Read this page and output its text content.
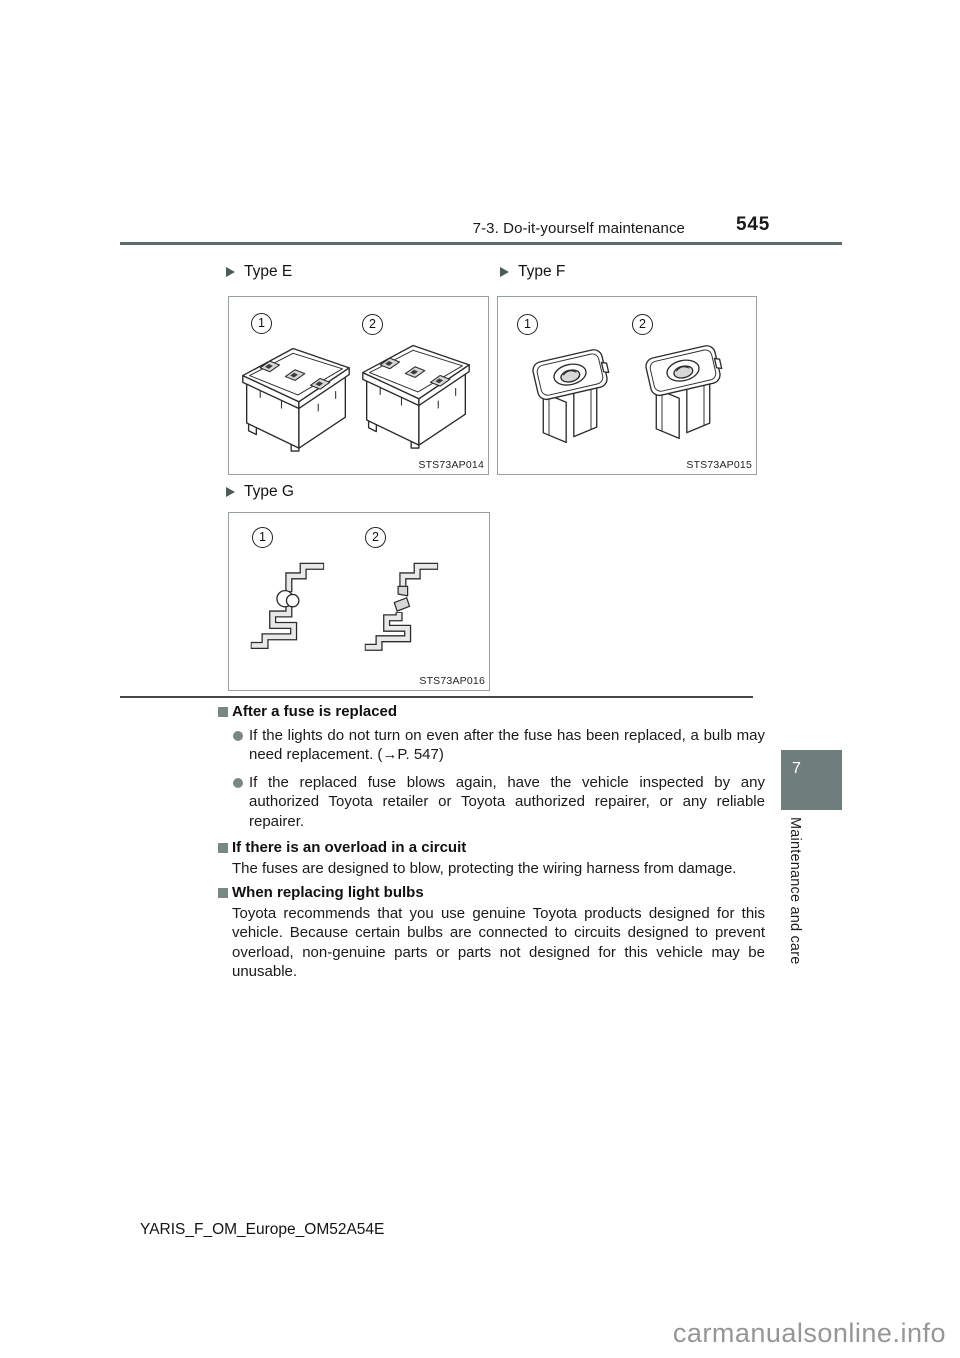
7-3. Do-it-yourself maintenance	545
Type E
1	2
STS73AP014
Type F
1	2
STS73AP015
Type G
1	2
STS73AP016
After a fuse is replaced
If the lights do not turn on even after the fuse has been replaced, a bulb may need replacement. (→P. 547)
If the replaced fuse blows again, have the vehicle inspected by any authorized Toyota retailer or Toyota authorized repairer, or any reliable repairer.
If there is an overload in a circuit
The fuses are designed to blow, protecting the wiring harness from damage.
When replacing light bulbs
Toyota recommends that you use genuine Toyota products designed for this vehicle. Because certain bulbs are connected to circuits designed to prevent overload, non-genuine parts or parts not designed for this vehicle may be unusable.
7
Maintenance and care
YARIS_F_OM_Europe_OM52A54E
carmanualsonline.info
